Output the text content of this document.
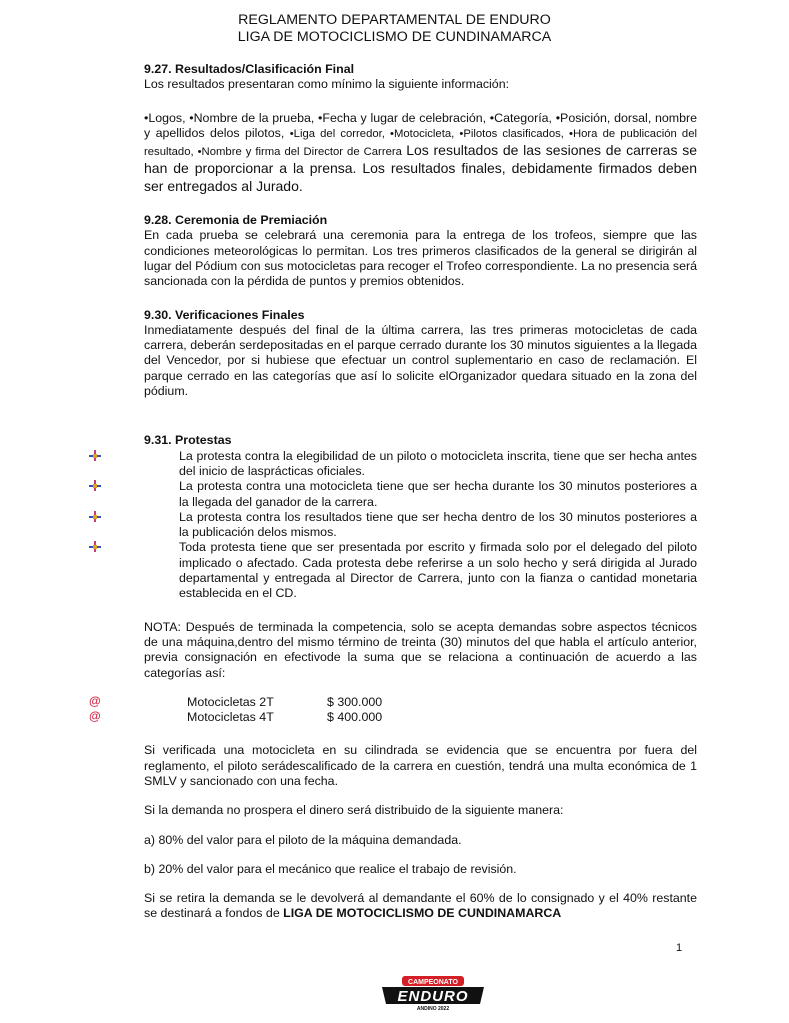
REGLAMENTO DEPARTAMENTAL DE ENDURO
LIGA DE MOTOCICLISMO DE CUNDINAMARCA

9.27. Resultados/Clasificación Final

Los resultados presentaran como mínimo la siguiente información:

•Logos, •Nombre de la prueba, •Fecha y lugar de celebración, •Categoría, •Posición, dorsal, nombre y apellidos delos pilotos, •Liga del corredor, •Motocicleta, •Pilotos clasificados, •Hora de publicación del resultado, •Nombre y firma del Director de Carrera Los resultados de las sesiones de carreras se han de proporcionar a la prensa. Los resultados finales, debidamente firmados deben ser entregados al Jurado.

9.28. Ceremonia de Premiación

En cada prueba se celebrará una ceremonia para la entrega de los trofeos, siempre que las condiciones meteorológicas lo permitan. Los tres primeros clasificados de la general se dirigirán al lugar del Pódium con sus motocicletas para recoger el Trofeo correspondiente. La no presencia será sancionada con la pérdida de puntos y premios obtenidos.

9.30. Verificaciones Finales

Inmediatamente después del final de la última carrera, las tres primeras motocicletas de cada carrera, deberán serdepositadas en el parque cerrado durante los 30 minutos siguientes a la llegada del Vencedor, por si hubiese que efectuar un control suplementario en caso de reclamación. El parque cerrado en las categorías que así lo solicite elOrganizador quedara situado en la zona del pódium.

9.31. Protestas

La protesta contra la elegibilidad de un piloto o motocicleta inscrita, tiene que ser hecha antes del inicio de lasprácticas oficiales.
La protesta contra una motocicleta tiene que ser hecha durante los 30 minutos posteriores a la llegada del ganador de la carrera.
La protesta contra los resultados tiene que ser hecha dentro de los 30 minutos posteriores a la publicación delos mismos.
Toda protesta tiene que ser presentada por escrito y firmada solo por el delegado del piloto implicado o afectado. Cada protesta debe referirse a un solo hecho y será dirigida al Jurado departamental y entregada al Director de Carrera, junto con la fianza o cantidad monetaria establecida en el CD.

NOTA: Después de terminada la competencia, solo se acepta demandas sobre aspectos técnicos de una máquina,dentro del mismo término de treinta (30) minutos del que habla el artículo anterior, previa consignación en efectivode la suma que se relaciona a continuación de acuerdo a las categorías así:

@	Motocicletas 2T	$ 300.000
@	Motocicletas 4T	$ 400.000

Si verificada una motocicleta en su cilindrada se evidencia que se encuentra por fuera del reglamento, el piloto serádescalificado de la carrera en cuestión, tendrá una multa económica de 1 SMLV y sancionado con una fecha.

Si la demanda no prospera el dinero será distribuido de la siguiente manera:

a) 80% del valor para el piloto de la máquina demandada.

b) 20% del valor para el mecánico que realice el trabajo de revisión.

Si se retira la demanda se le devolverá al demandante el 60% de lo consignado y el 40% restante se destinará a fondos de LIGA DE MOTOCICLISMO DE CUNDINAMARCA

1
CAMPEONATO
ENDURO
ANDINO 2022
